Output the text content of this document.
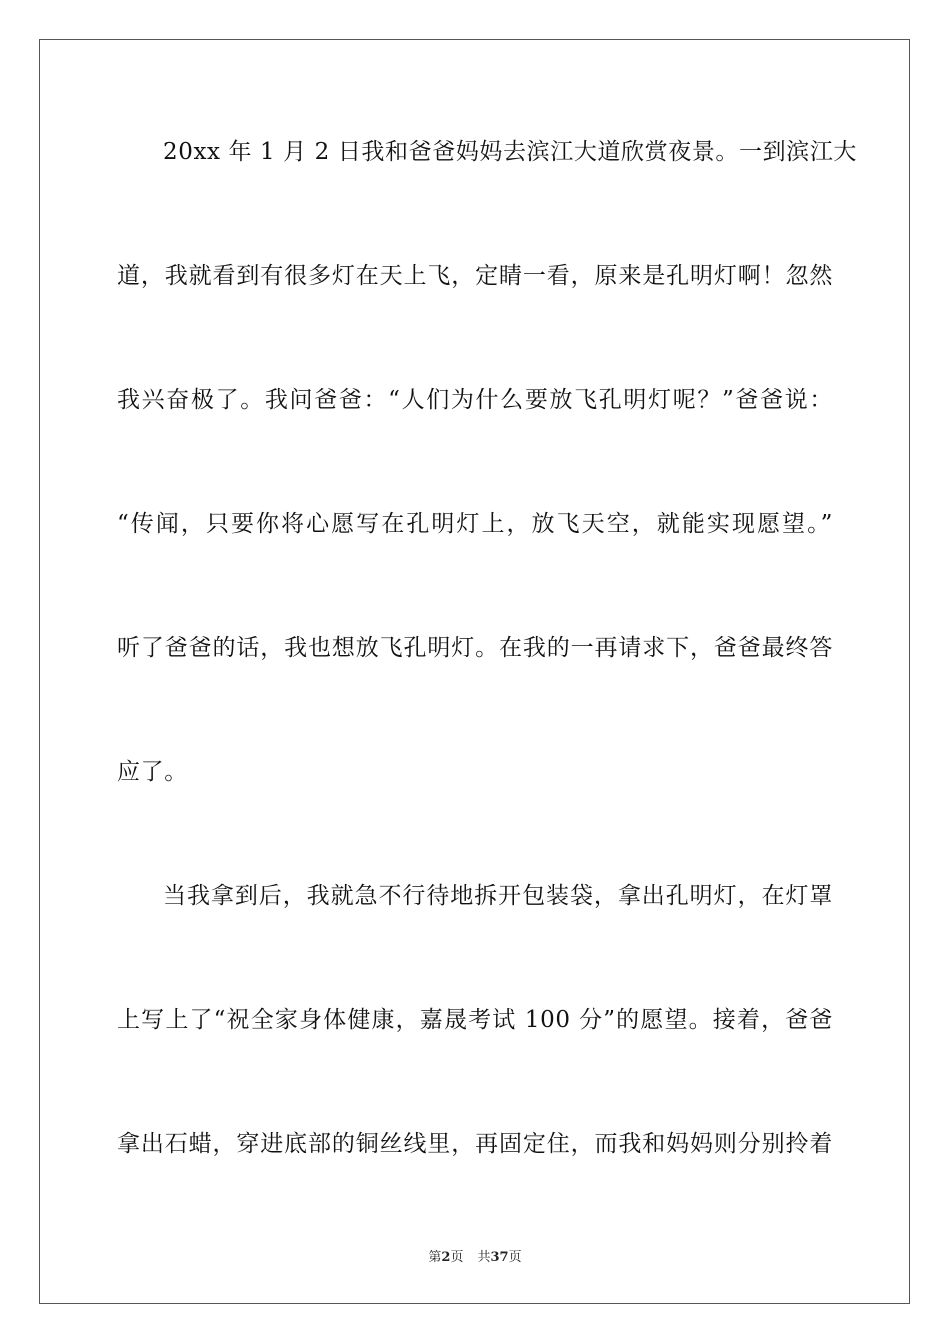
20xx 年 1 月 2 日我和爸爸妈妈去滨江大道欣赏夜景。一到滨江大
道，我就看到有很多灯在天上飞，定睛一看，原来是孔明灯啊！忽然
我兴奋极了。我问爸爸：“人们为什么要放飞孔明灯呢？”爸爸说：
“传闻，只要你将心愿写在孔明灯上，放飞天空，就能实现愿望。”
听了爸爸的话，我也想放飞孔明灯。在我的一再请求下，爸爸最终答
应了。
当我拿到后，我就急不行待地拆开包装袋，拿出孔明灯，在灯罩
上写上了“祝全家身体健康，嘉晟考试 100 分”的愿望。接着，爸爸
拿出石蜡，穿进底部的铜丝线里，再固定住，而我和妈妈则分别拎着
第2页 共37页
